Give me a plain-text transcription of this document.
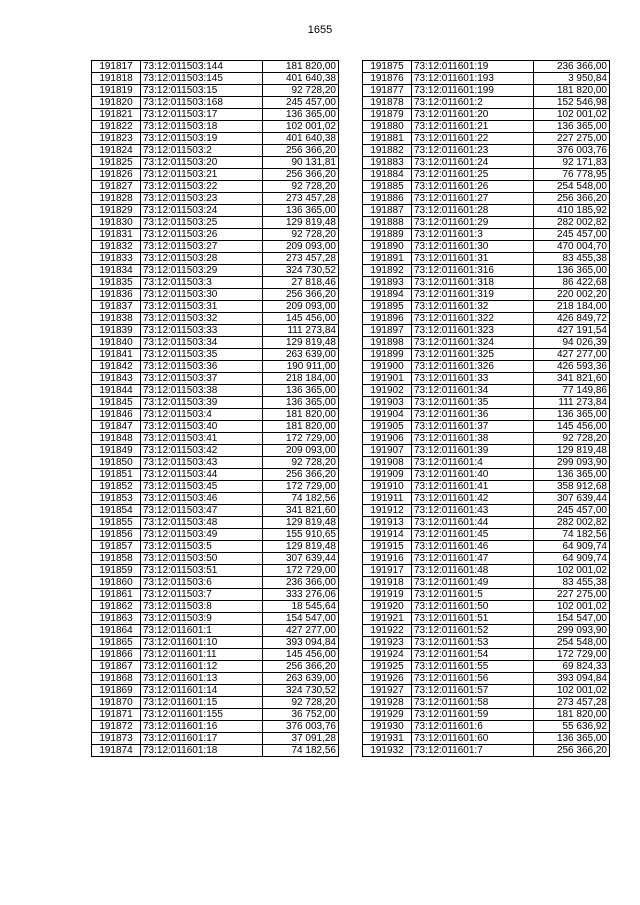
1655
191817	73:12:011503:144	181 820,00
191818	73:12:011503:145	401 640,38
191819	73:12:011503:15	92 728,20
191820	73:12:011503:168	245 457,00
191821	73:12:011503:17	136 365,00
191822	73:12:011503:18	102 001,02
191823	73:12:011503:19	401 640,38
191824	73:12:011503:2	256 366,20
191825	73:12:011503:20	90 131,81
191826	73:12:011503:21	256 366,20
191827	73:12:011503:22	92 728,20
191828	73:12:011503:23	273 457,28
191829	73:12:011503:24	136 365,00
191830	73:12:011503:25	129 819,48
191831	73:12:011503:26	92 728,20
191832	73:12:011503:27	209 093,00
191833	73:12:011503:28	273 457,28
191834	73:12:011503:29	324 730,52
191835	73:12:011503:3	27 818,46
191836	73:12:011503:30	256 366,20
191837	73:12:011503:31	209 093,00
191838	73:12:011503:32	145 456,00
191839	73:12:011503:33	111 273,84
191840	73:12:011503:34	129 819,48
191841	73:12:011503:35	263 639,00
191842	73:12:011503:36	190 911,00
191843	73:12:011503:37	218 184,00
191844	73:12:011503:38	136 365,00
191845	73:12:011503:39	136 365,00
191846	73:12:011503:4	181 820,00
191847	73:12:011503:40	181 820,00
191848	73:12:011503:41	172 729,00
191849	73:12:011503:42	209 093,00
191850	73:12:011503:43	92 728,20
191851	73:12:011503:44	256 366,20
191852	73:12:011503:45	172 729,00
191853	73:12:011503:46	74 182,56
191854	73:12:011503:47	341 821,60
191855	73:12:011503:48	129 819,48
191856	73:12:011503:49	155 910,65
191857	73:12:011503:5	129 819,48
191858	73:12:011503:50	307 639,44
191859	73:12:011503:51	172 729,00
191860	73:12:011503:6	236 366,00
191861	73:12:011503:7	333 276,06
191862	73:12:011503:8	18 545,64
191863	73:12:011503:9	154 547,00
191864	73:12:011601:1	427 277,00
191865	73:12:011601:10	393 094,84
191866	73:12:011601:11	145 456,00
191867	73:12:011601:12	256 366,20
191868	73:12:011601:13	263 639,00
191869	73:12:011601:14	324 730,52
191870	73:12:011601:15	92 728,20
191871	73:12:011601:155	36 752,00
191872	73:12:011601:16	376 003,76
191873	73:12:011601:17	37 091,28
191874	73:12:011601:18	74 182,56
191875	73:12:011601:19	236 366,00
191876	73:12:011601:193	3 950,84
191877	73:12:011601:199	181 820,00
191878	73:12:011601:2	152 546,98
191879	73:12:011601:20	102 001,02
191880	73:12:011601:21	136 365,00
191881	73:12:011601:22	227 275,00
191882	73:12:011601:23	376 003,76
191883	73:12:011601:24	92 171,83
191884	73:12:011601:25	76 778,95
191885	73:12:011601:26	254 548,00
191886	73:12:011601:27	256 366,20
191887	73:12:011601:28	410 185,92
191888	73:12:011601:29	282 002,82
191889	73:12:011601:3	245 457,00
191890	73:12:011601:30	470 004,70
191891	73:12:011601:31	83 455,38
191892	73:12:011601:316	136 365,00
191893	73:12:011601:318	86 422,68
191894	73:12:011601:319	220 002,20
191895	73:12:011601:32	218 184,00
191896	73:12:011601:322	426 849,72
191897	73:12:011601:323	427 191,54
191898	73:12:011601:324	94 026,39
191899	73:12:011601:325	427 277,00
191900	73:12:011601:326	426 593,36
191901	73:12:011601:33	341 821,60
191902	73:12:011601:34	77 149,86
191903	73:12:011601:35	111 273,84
191904	73:12:011601:36	136 365,00
191905	73:12:011601:37	145 456,00
191906	73:12:011601:38	92 728,20
191907	73:12:011601:39	129 819,48
191908	73:12:011601:4	299 093,90
191909	73:12:011601:40	136 365,00
191910	73:12:011601:41	358 912,68
191911	73:12:011601:42	307 639,44
191912	73:12:011601:43	245 457,00
191913	73:12:011601:44	282 002,82
191914	73:12:011601:45	74 182,56
191915	73:12:011601:46	64 909,74
191916	73:12:011601:47	64 909,74
191917	73:12:011601:48	102 001,02
191918	73:12:011601:49	83 455,38
191919	73:12:011601:5	227 275,00
191920	73:12:011601:50	102 001,02
191921	73:12:011601:51	154 547,00
191922	73:12:011601:52	299 093,90
191923	73:12:011601:53	254 548,00
191924	73:12:011601:54	172 729,00
191925	73:12:011601:55	69 824,33
191926	73:12:011601:56	393 094,84
191927	73:12:011601:57	102 001,02
191928	73:12:011601:58	273 457,28
191929	73:12:011601:59	181 820,00
191930	73:12:011601:6	55 636,92
191931	73:12:011601:60	136 365,00
191932	73:12:011601:7	256 366,20
